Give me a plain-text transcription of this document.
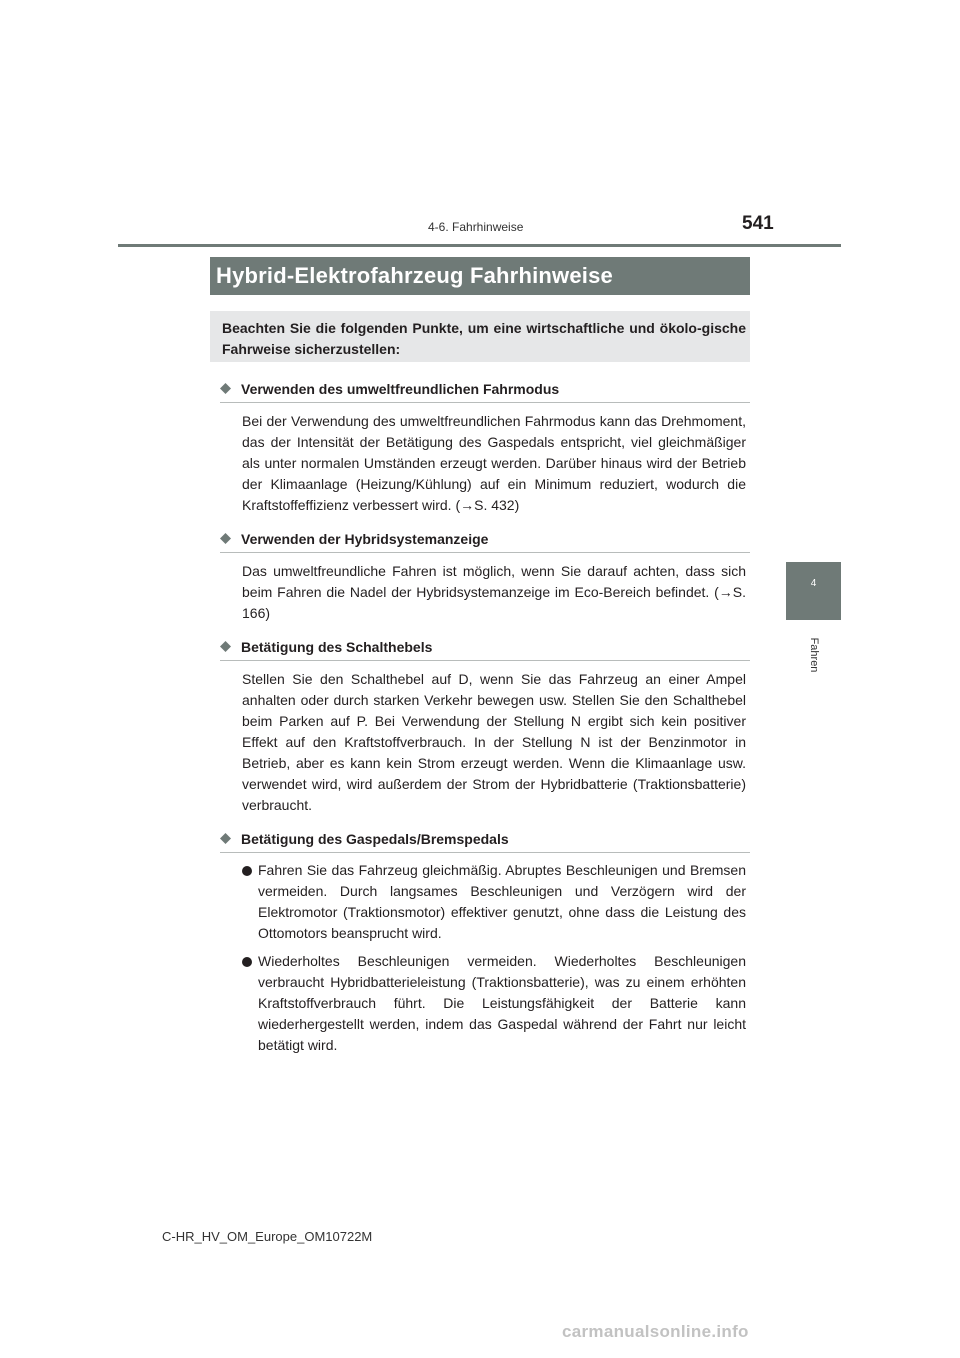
4-6. Fahrhinweise	541
4
Fahren
Hybrid-Elektrofahrzeug Fahrhinweise

Beachten Sie die folgenden Punkte, um eine wirtschaftliche und ökolo-gische Fahrweise sicherzustellen:

Verwenden des umweltfreundlichen Fahrmodus

Bei der Verwendung des umweltfreundlichen Fahrmodus kann das Drehmoment, das der Intensität der Betätigung des Gaspedals entspricht, viel gleichmäßiger als unter normalen Umständen erzeugt werden. Darüber hinaus wird der Betrieb der Klimaanlage (Heizung/Kühlung) auf ein Minimum reduziert, wodurch die Kraftstoffeffizienz verbessert wird. (→S. 432)

Verwenden der Hybridsystemanzeige

Das umweltfreundliche Fahren ist möglich, wenn Sie darauf achten, dass sich beim Fahren die Nadel der Hybridsystemanzeige im Eco-Bereich befindet. (→S. 166)

Betätigung des Schalthebels

Stellen Sie den Schalthebel auf D, wenn Sie das Fahrzeug an einer Ampel anhalten oder durch starken Verkehr bewegen usw. Stellen Sie den Schalthebel beim Parken auf P. Bei Verwendung der Stellung N ergibt sich kein positiver Effekt auf den Kraftstoffverbrauch. In der Stellung N ist der Benzinmotor in Betrieb, aber es kann kein Strom erzeugt werden. Wenn die Klimaanlage usw. verwendet wird, wird außerdem der Strom der Hybridbatterie (Traktionsbatterie) verbraucht.

Betätigung des Gaspedals/Bremspedals
Fahren Sie das Fahrzeug gleichmäßig. Abruptes Beschleunigen und Bremsen vermeiden. Durch langsames Beschleunigen und Verzögern wird der Elektromotor (Traktionsmotor) effektiver genutzt, ohne dass die Leistung des Ottomotors beansprucht wird.
Wiederholtes Beschleunigen vermeiden. Wiederholtes Beschleunigen verbraucht Hybridbatterieleistung (Traktionsbatterie), was zu einem erhöhten Kraftstoffverbrauch führt. Die Leistungsfähigkeit der Batterie kann wiederhergestellt werden, indem das Gaspedal während der Fahrt nur leicht betätigt wird.
C-HR_HV_OM_Europe_OM10722M
carmanualsonline.info
